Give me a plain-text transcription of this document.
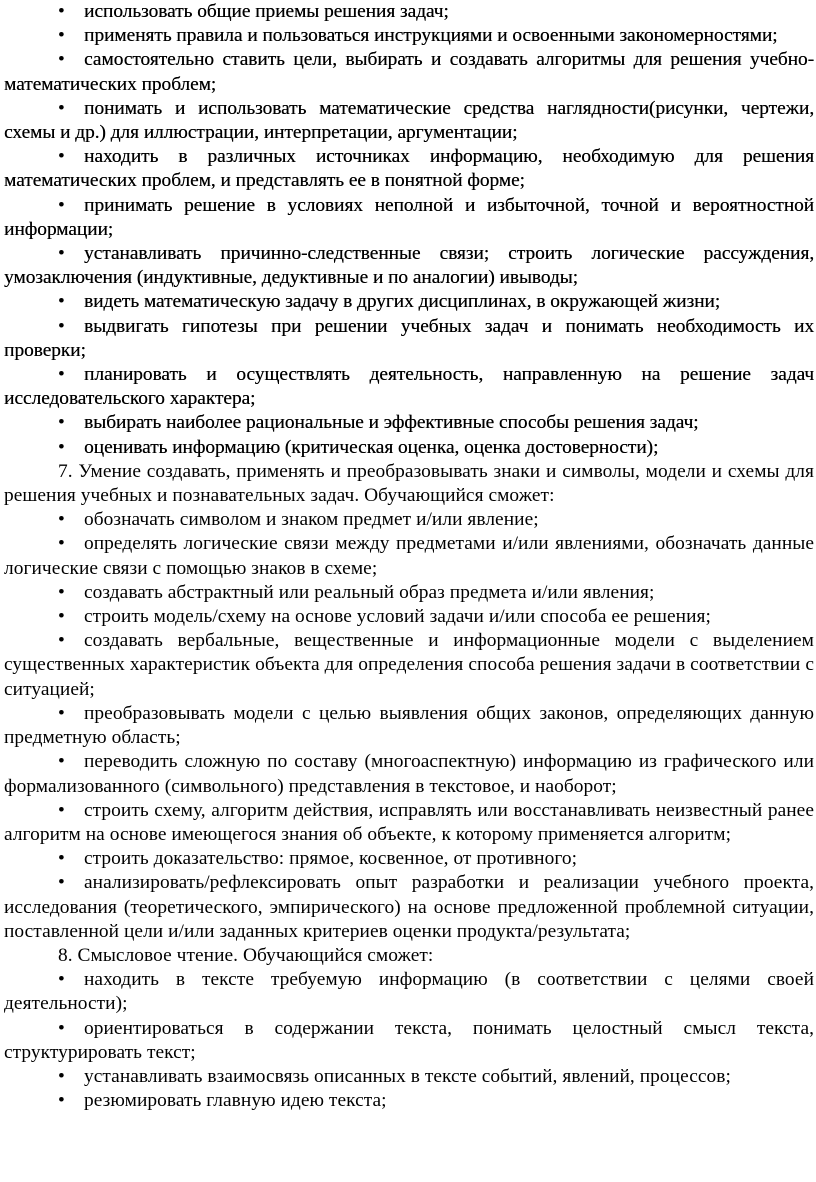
• использовать общие приемы решения задач;

• применять правила и пользоваться инструкциями и освоенными закономерностями;

• самостоятельно ставить цели, выбирать и создавать алгоритмы для решения учебно-математических проблем;

• понимать и использовать математические средства наглядности(рисунки, чертежи, схемы и др.) для иллюстрации, интерпретации, аргументации;

• находить в различных источниках информацию, необходимую для решения математических проблем, и представлять ее в понятной форме;

• принимать решение в условиях неполной и избыточной, точной и вероятностной информации;

• устанавливать причинно-следственные связи; строить логические рассуждения, умозаключения (индуктивные, дедуктивные и по аналогии) ивыводы;

• видеть математическую задачу в других дисциплинах, в окружающей жизни;

• выдвигать гипотезы при решении учебных задач и понимать необходимость их проверки;

• планировать и осуществлять деятельность, направленную на решение задач исследовательского характера;

• выбирать наиболее рациональные и эффективные способы решения задач;

• оценивать информацию (критическая оценка, оценка достоверности);

7. Умение создавать, применять и преобразовывать знаки и символы, модели и схемы для решения учебных и познавательных задач. Обучающийся сможет:

• обозначать символом и знаком предмет и/или явление;

• определять логические связи между предметами и/или явлениями, обозначать данные логические связи с помощью знаков в схеме;

• создавать абстрактный или реальный образ предмета и/или явления;

• строить модель/схему на основе условий задачи и/или способа ее решения;

• создавать вербальные, вещественные и информационные модели с выделением существенных характеристик объекта для определения способа решения задачи в соответствии с ситуацией;

• преобразовывать модели с целью выявления общих законов, определяющих данную предметную область;

• переводить сложную по составу (многоаспектную) информацию из графического или формализованного (символьного) представления в текстовое, и наоборот;

• строить схему, алгоритм действия, исправлять или восстанавливать неизвестный ранее алгоритм на основе имеющегося знания об объекте, к которому применяется алгоритм;

• строить доказательство: прямое, косвенное, от противного;

• анализировать/рефлексировать опыт разработки и реализации учебного проекта, исследования (теоретического, эмпирического) на основе предложенной проблемной ситуации, поставленной цели и/или заданных критериев оценки продукта/результата;

8. Смысловое чтение. Обучающийся сможет:

• находить в тексте требуемую информацию (в соответствии с целями своей деятельности);

• ориентироваться в содержании текста, понимать целостный смысл текста, структурировать текст;

• устанавливать взаимосвязь описанных в тексте событий, явлений, процессов;

• резюмировать главную идею текста;
